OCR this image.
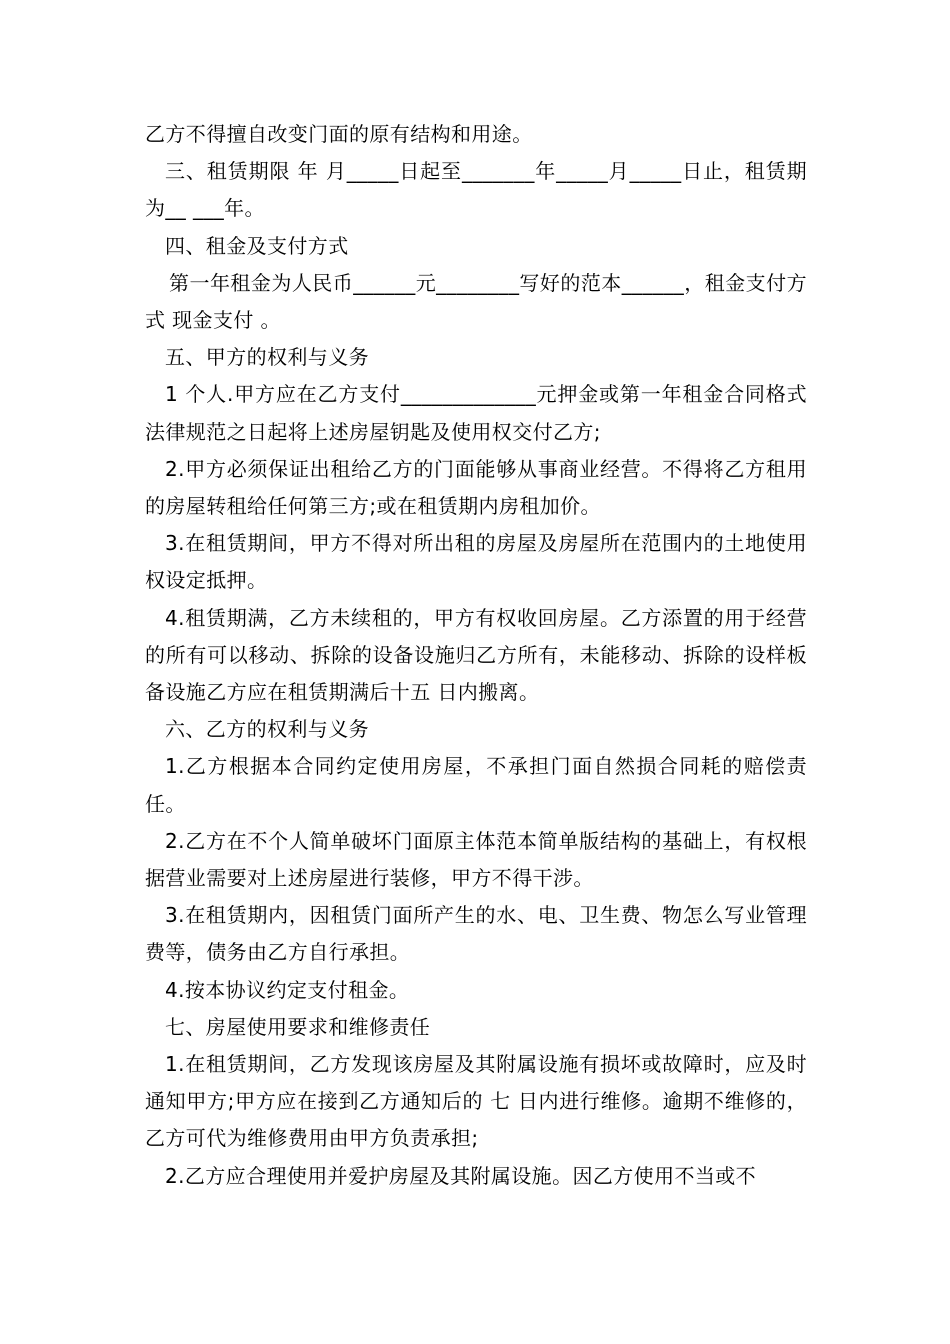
乙方不得擅自改变门面的原有结构和用途。

三、租赁期限 年 月_____日起至_______年_____月_____日止，租赁期为__ ___年。

四、租金及支付方式

第一年租金为人民币______元________写好的范本______，租金支付方式 现金支付 。

五、甲方的权利与义务

1 个人.甲方应在乙方支付_____________元押金或第一年租金合同格式法律规范之日起将上述房屋钥匙及使用权交付乙方;

2.甲方必须保证出租给乙方的门面能够从事商业经营。不得将乙方租用的房屋转租给任何第三方;或在租赁期内房租加价。

3.在租赁期间，甲方不得对所出租的房屋及房屋所在范围内的土地使用权设定抵押。

4.租赁期满，乙方未续租的，甲方有权收回房屋。乙方添置的用于经营的所有可以移动、拆除的设备设施归乙方所有，未能移动、拆除的设样板备设施乙方应在租赁期满后十五 日内搬离。

六、乙方的权利与义务

1.乙方根据本合同约定使用房屋，不承担门面自然损合同耗的赔偿责任。

2.乙方在不个人简单破坏门面原主体范本简单版结构的基础上，有权根据营业需要对上述房屋进行装修，甲方不得干涉。

3.在租赁期内，因租赁门面所产生的水、电、卫生费、物怎么写业管理费等，债务由乙方自行承担。

4.按本协议约定支付租金。

七、房屋使用要求和维修责任

1.在租赁期间，乙方发现该房屋及其附属设施有损坏或故障时，应及时通知甲方;甲方应在接到乙方通知后的 七 日内进行维修。逾期不维修的，乙方可代为维修费用由甲方负责承担;

2.乙方应合理使用并爱护房屋及其附属设施。因乙方使用不当或不
